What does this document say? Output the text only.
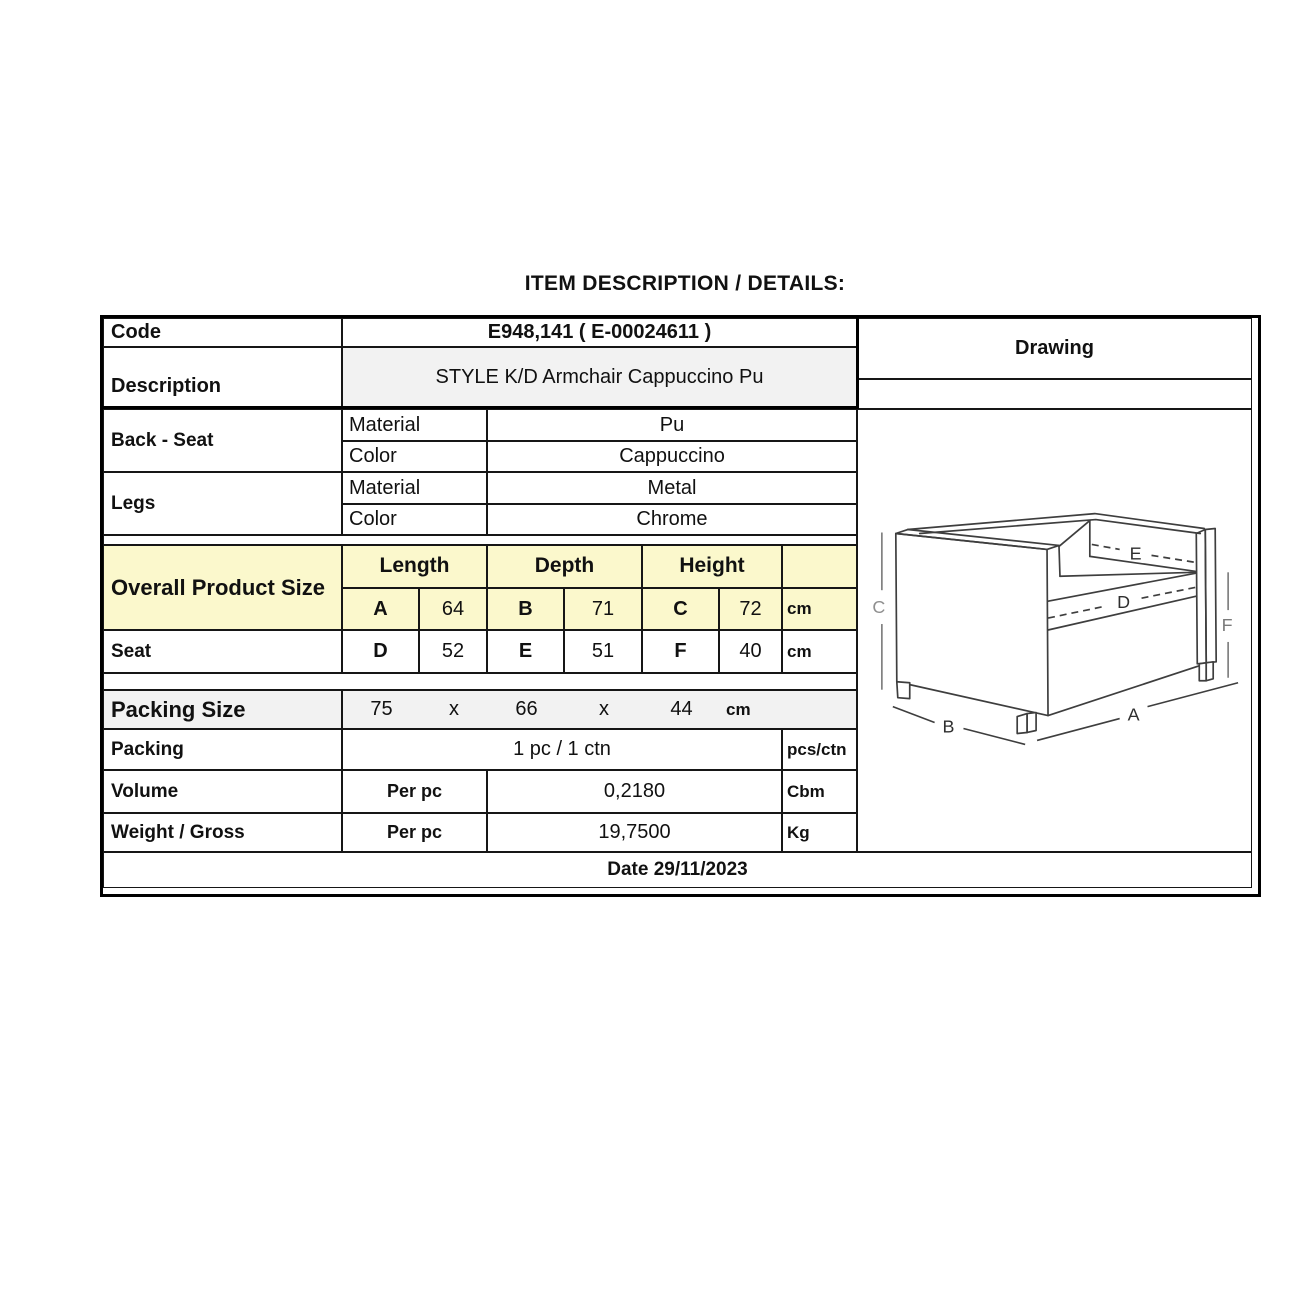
ITEM DESCRIPTION / DETAILS:
Code	E948,141 ( E-00024611 )
Description	STYLE K/D Armchair Cappuccino Pu
Drawing
Back - Seat
Material	Pu
Color	Cappuccino
Legs
Material	Metal
Color	Chrome
Overall Product Size
Length	Depth	Height
A	64	B	71	C	72	cm
Seat	D	52	E	51	F	40	cm
Packing Size	75	x	66	x	44	cm
Packing	1 pc / 1 ctn	pcs/ctn
Volume	Per pc	0,2180	Cbm
Weight / Gross	Per pc	19,7500	Kg
Date 29/11/2023
C
F
E
D
A
B
